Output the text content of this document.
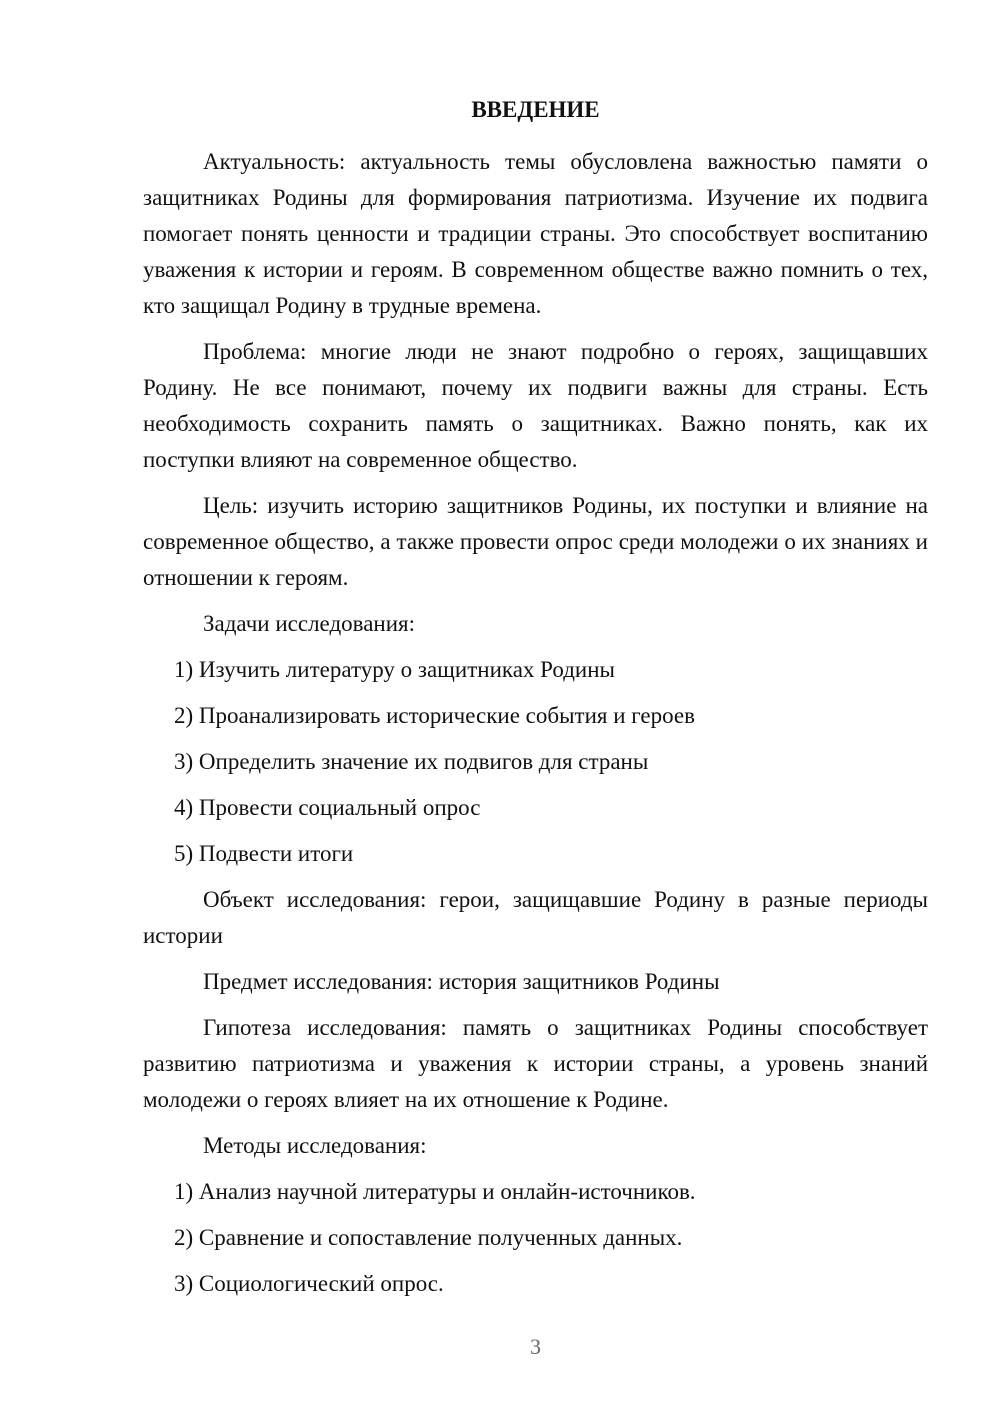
ВВЕДЕНИЕ

Актуальность: актуальность темы обусловлена важностью памяти о защитниках Родины для формирования патриотизма. Изучение их подвига помогает понять ценности и традиции страны. Это способствует воспитанию уважения к истории и героям. В современном обществе важно помнить о тех, кто защищал Родину в трудные времена.

Проблема: многие люди не знают подробно о героях, защищавших Родину. Не все понимают, почему их подвиги важны для страны. Есть необходимость сохранить память о защитниках. Важно понять, как их поступки влияют на современное общество.

Цель: изучить историю защитников Родины, их поступки и влияние на современное общество, а также провести опрос среди молодежи о их знаниях и отношении к героям.

Задачи исследования:

1) Изучить литературу о защитниках Родины
2) Проанализировать исторические события и героев
3) Определить значение их подвигов для страны
4) Провести социальный опрос
5) Подвести итоги

Объект исследования: герои, защищавшие Родину в разные периоды истории

Предмет исследования: история защитников Родины

Гипотеза исследования: память о защитниках Родины способствует развитию патриотизма и уважения к истории страны, а уровень знаний молодежи о героях влияет на их отношение к Родине.

Методы исследования:

1) Анализ научной литературы и онлайн-источников.
2) Сравнение и сопоставление полученных данных.
3) Социологический опрос.
3
